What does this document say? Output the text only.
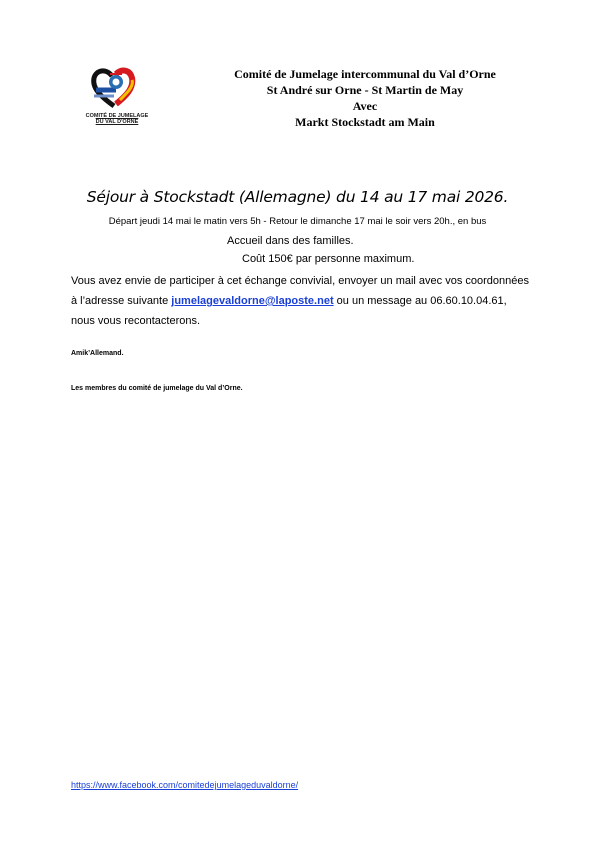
COMITÉ DE JUMELAGE
DU VAL D'ORNE
Comité de Jumelage intercommunal du Val d’Orne
St André sur Orne - St Martin de May
Avec
Markt Stockstadt am Main
Séjour à Stockstadt (Allemagne) du 14 au 17 mai 2026.
Départ jeudi 14 mai le matin vers 5h - Retour le dimanche 17 mai le soir vers 20h., en bus
Accueil dans des familles.
Coût 150€ par personne maximum.
Vous avez envie de participer à cet échange convivial, envoyer un mail avec vos coordonnées à l’adresse suivante jumelagevaldorne@laposte.net ou un message au 06.60.10.04.61, nous vous recontacterons.
Amik’Allemand.
Les membres du comité de jumelage du Val d’Orne.
https://www.facebook.com/comitedejumelageduvaldorne/
